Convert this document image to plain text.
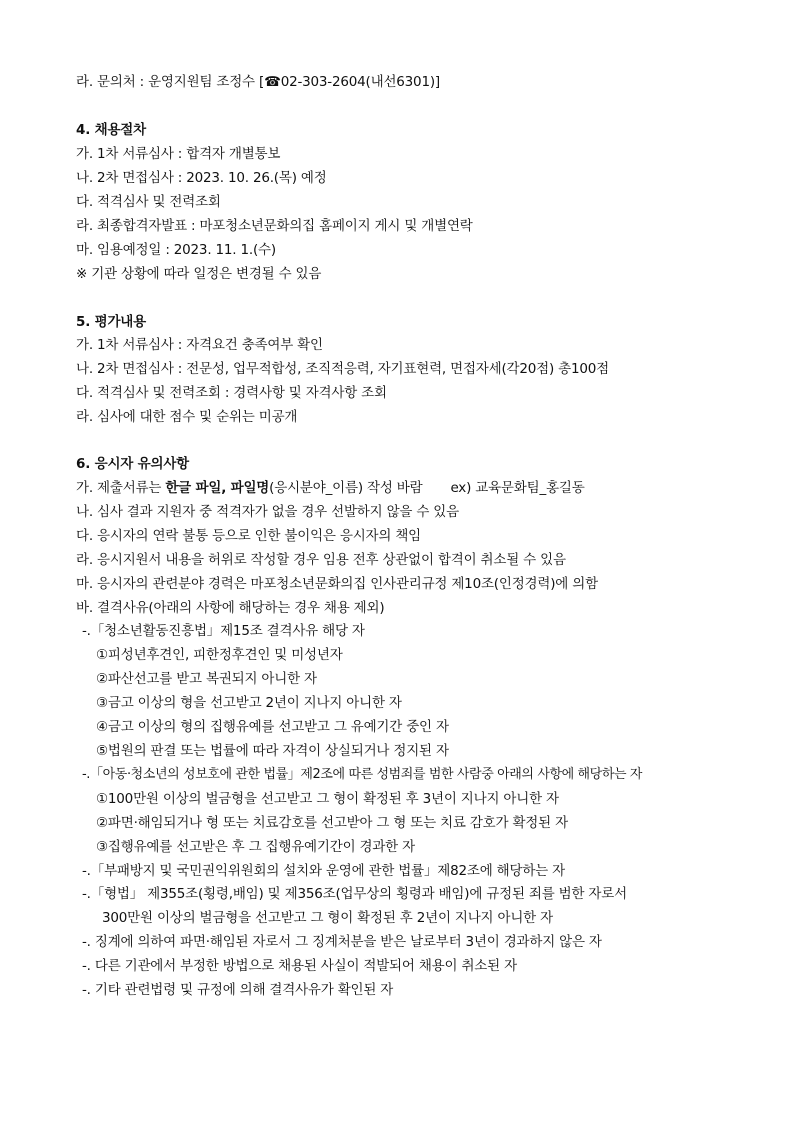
라. 문의처 : 운영지원팀 조정수 [☎02-303-2604(내선6301)]
4. 채용절차
가. 1차 서류심사 : 합격자 개별통보
나. 2차 면접심사 : 2023. 10. 26.(목) 예정
다. 적격심사 및 전력조회
라. 최종합격자발표 : 마포청소년문화의집 홈페이지 게시 및 개별연락
마. 임용예정일 : 2023. 11. 1.(수)
※ 기관 상황에 따라 일정은 변경될 수 있음
5. 평가내용
가. 1차 서류심사 : 자격요건 충족여부 확인
나. 2차 면접심사 : 전문성, 업무적합성, 조직적응력, 자기표현력, 면접자세(각20점) 총100점
다. 적격심사 및 전력조회 : 경력사항 및 자격사항 조회
라. 심사에 대한 점수 및 순위는 미공개
6. 응시자 유의사항
가. 제출서류는 한글 파일, 파일명(응시분야_이름) 작성 바람 ex) 교육문화팀_홍길동
나. 심사 결과 지원자 중 적격자가 없을 경우 선발하지 않을 수 있음
다. 응시자의 연락 불통 등으로 인한 불이익은 응시자의 책임
라. 응시지원서 내용을 허위로 작성할 경우 임용 전후 상관없이 합격이 취소될 수 있음
마. 응시자의 관련분야 경력은 마포청소년문화의집 인사관리규정 제10조(인정경력)에 의함
바. 결격사유(아래의 사항에 해당하는 경우 채용 제외)
-.「청소년활동진흥법」제15조 결격사유 해당 자
①피성년후견인, 피한정후견인 및 미성년자
②파산선고를 받고 복권되지 아니한 자
③금고 이상의 형을 선고받고 2년이 지나지 아니한 자
④금고 이상의 형의 집행유예를 선고받고 그 유예기간 중인 자
⑤법원의 판결 또는 법률에 따라 자격이 상실되거나 정지된 자
-.「아동·청소년의 성보호에 관한 법률」제2조에 따른 성범죄를 범한 사람중 아래의 사항에 해당하는 자
①100만원 이상의 벌금형을 선고받고 그 형이 확정된 후 3년이 지나지 아니한 자
②파면·해임되거나 형 또는 치료감호를 선고받아 그 형 또는 치료 감호가 확정된 자
③집행유예를 선고받은 후 그 집행유예기간이 경과한 자
-.「부패방지 및 국민권익위원회의 설치와 운영에 관한 법률」제82조에 해당하는 자
-.「형법」 제355조(횡령,배임) 및 제356조(업무상의 횡령과 배임)에 규정된 죄를 범한 자로서
300만원 이상의 벌금형을 선고받고 그 형이 확정된 후 2년이 지나지 아니한 자
-. 징계에 의하여 파면·해임된 자로서 그 징계처분을 받은 날로부터 3년이 경과하지 않은 자
-. 다른 기관에서 부정한 방법으로 채용된 사실이 적발되어 채용이 취소된 자
-. 기타 관련법령 및 규정에 의해 결격사유가 확인된 자
